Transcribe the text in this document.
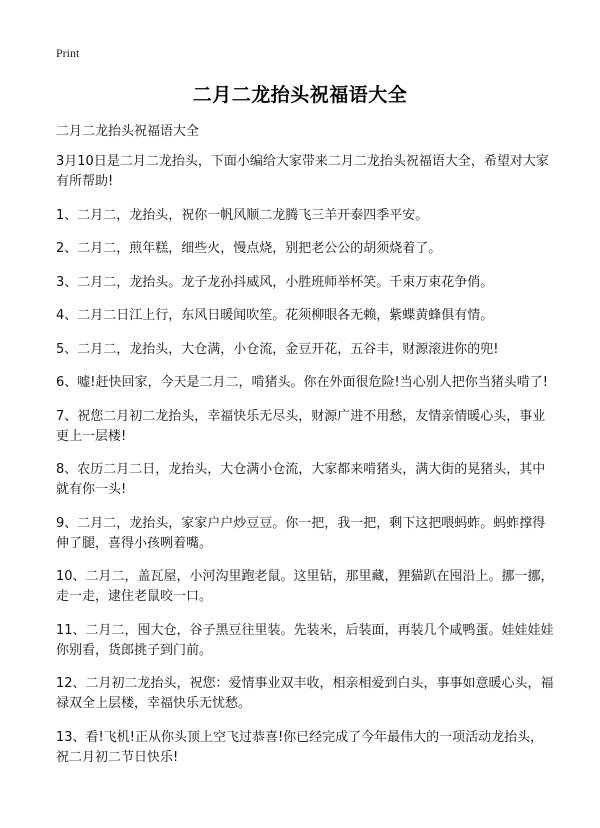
Print
二月二龙抬头祝福语大全
二月二龙抬头祝福语大全

3月10日是二月二龙抬头，下面小编给大家带来二月二龙抬头祝福语大全，希望对大家有所帮助!

1、二月二，龙抬头，祝你一帆风顺二龙腾飞三羊开泰四季平安。

2、二月二，煎年糕，细些火，慢点烧，别把老公公的胡须烧着了。

3、二月二，龙抬头。龙子龙孙抖威风，小胜班师举杯笑。千束万束花争俏。

4、二月二日江上行，东风日暖闻吹笙。花须柳眼各无赖，紫蝶黄蜂俱有情。

5、二月二，龙抬头，大仓满，小仓流，金豆开花，五谷丰，财源滚进你的兜!

6、嘘!赶快回家，今天是二月二，啃猪头。你在外面很危险!当心别人把你当猪头啃了!

7、祝您二月初二龙抬头，幸福快乐无尽头，财源广进不用愁，友情亲情暖心头，事业更上一层楼!

8、农历二月二日，龙抬头，大仓满小仓流，大家都来啃猪头，满大街的晃猪头，其中就有你一头!

9、二月二，龙抬头，家家户户炒豆豆。你一把，我一把，剩下这把喂蚂蚱。蚂蚱撑得伸了腿，喜得小孩咧着嘴。

10、二月二，盖瓦屋，小河沟里跑老鼠。这里钻，那里藏，狸猫趴在囤沿上。挪一挪，走一走，逮住老鼠咬一口。

11、二月二，囤大仓，谷子黑豆往里装。先装米，后装面，再装几个咸鸭蛋。娃娃娃娃你别看，货郎挑子到门前。

12、二月初二龙抬头，祝您：爱情事业双丰收，相亲相爱到白头，事事如意暖心头，福禄双全上层楼，幸福快乐无忧愁。

13、看!飞机!正从你头顶上空飞过恭喜!你已经完成了今年最伟大的一项活动龙抬头，祝二月初二节日快乐!
